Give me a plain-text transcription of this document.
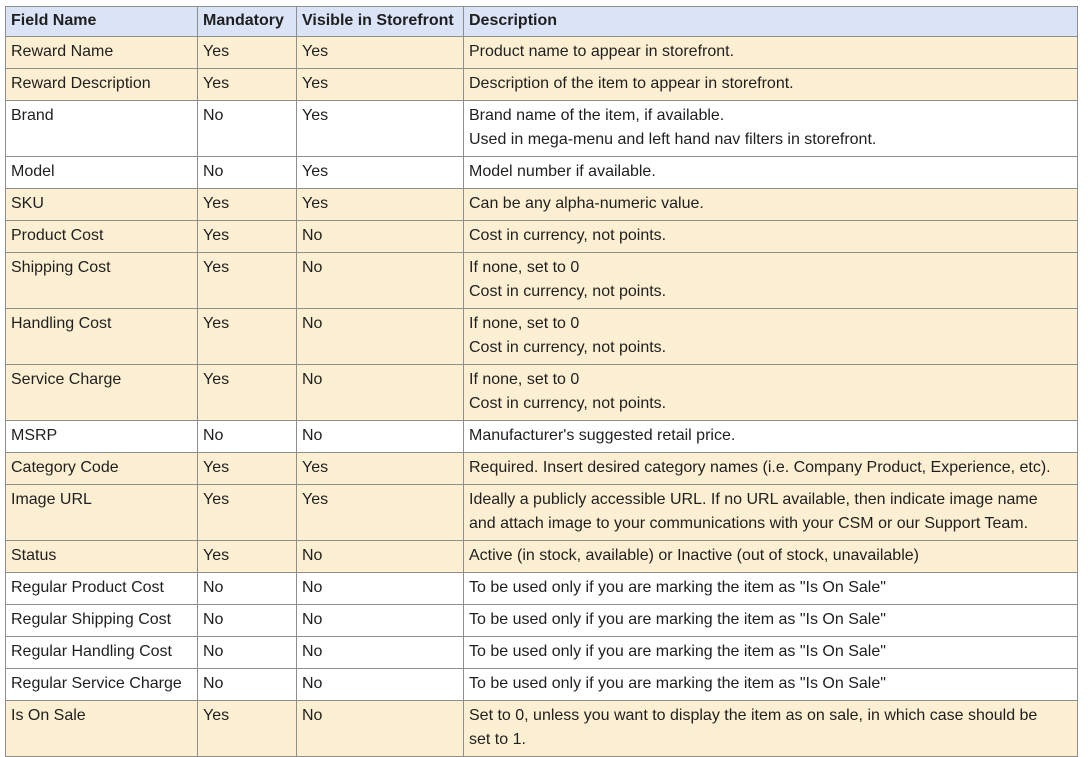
Field Name	Mandatory	Visible in Storefront	Description
Reward Name	Yes	Yes	Product name to appear in storefront.

Reward Description	Yes	Yes	Description of the item to appear in storefront.

Brand	No	Yes	Brand name of the item, if available.
Used in mega-menu and left hand nav filters in storefront.

Model	No	Yes	Model number if available.

SKU	Yes	Yes	Can be any alpha-numeric value.

Product Cost	Yes	No	Cost in currency, not points.

Shipping Cost	Yes	No	If none, set to 0
Cost in currency, not points.

Handling Cost	Yes	No	If none, set to 0
Cost in currency, not points.

Service Charge	Yes	No	If none, set to 0
Cost in currency, not points.

MSRP	No	No	Manufacturer's suggested retail price.

Category Code	Yes	Yes	Required. Insert desired category names (i.e. Company Product, Experience, etc).

Image URL	Yes	Yes	Ideally a publicly accessible URL. If no URL available, then indicate image name
and attach image to your communications with your CSM or our Support Team.

Status	Yes	No	Active (in stock, available) or Inactive (out of stock, unavailable)

Regular Product Cost	No	No	To be used only if you are marking the item as "Is On Sale"

Regular Shipping Cost	No	No	To be used only if you are marking the item as "Is On Sale"

Regular Handling Cost	No	No	To be used only if you are marking the item as "Is On Sale"

Regular Service Charge	No	No	To be used only if you are marking the item as "Is On Sale"

Is On Sale	Yes	No	Set to 0, unless you want to display the item as on sale, in which case should be
set to 1.
